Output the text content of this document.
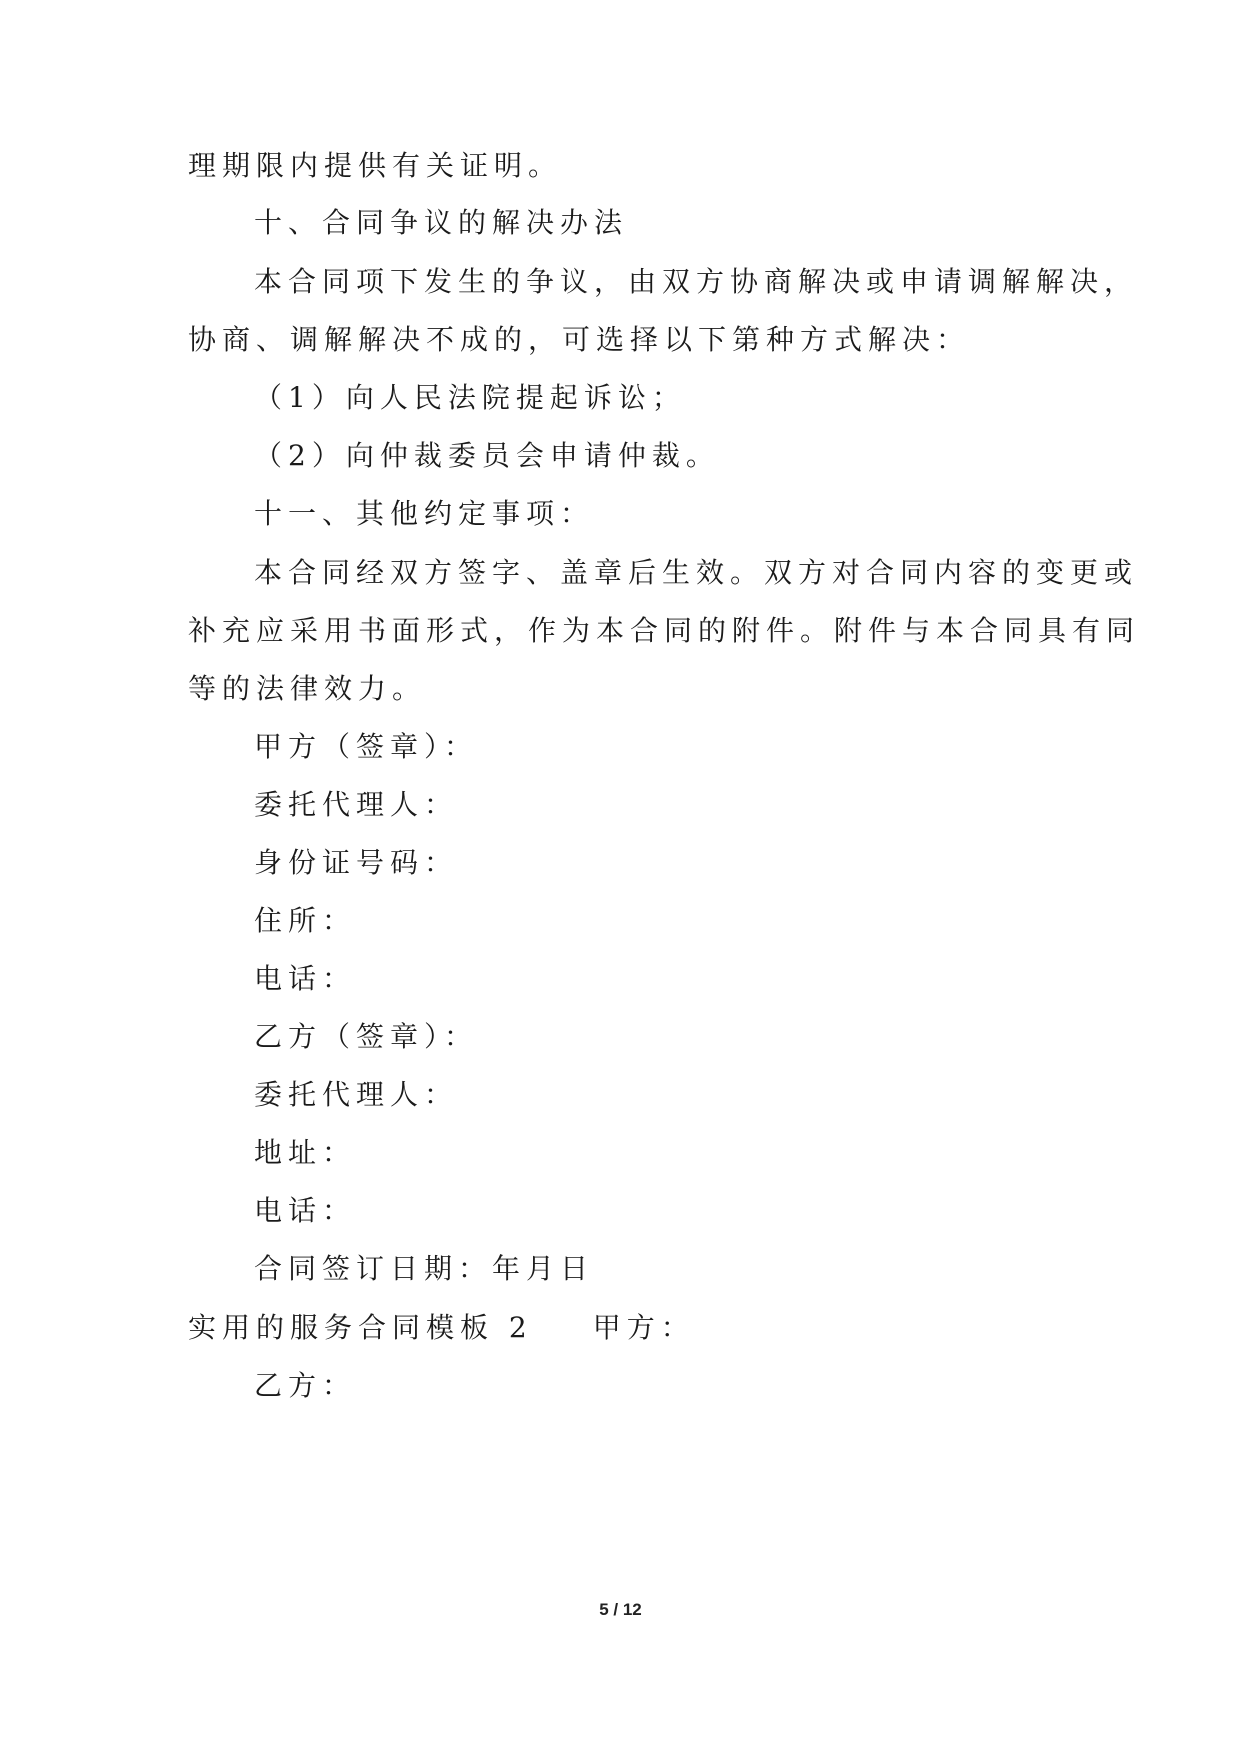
理期限内提供有关证明。

十、合同争议的解决办法

本合同项下发生的争议，由双方协商解决或申请调解解决，

协商、调解解决不成的，可选择以下第种方式解决：

（1）向人民法院提起诉讼；

（2）向仲裁委员会申请仲裁。

十一、其他约定事项：

本合同经双方签字、盖章后生效。双方对合同内容的变更或

补充应采用书面形式，作为本合同的附件。附件与本合同具有同

等的法律效力。

甲方（签章）：

委托代理人：

身份证号码：

住所：

电话：

乙方（签章）：

委托代理人：

地址：

电话：

合同签订日期：年月日

实用的服务合同模板 2 甲方：

乙方：

5 / 12
